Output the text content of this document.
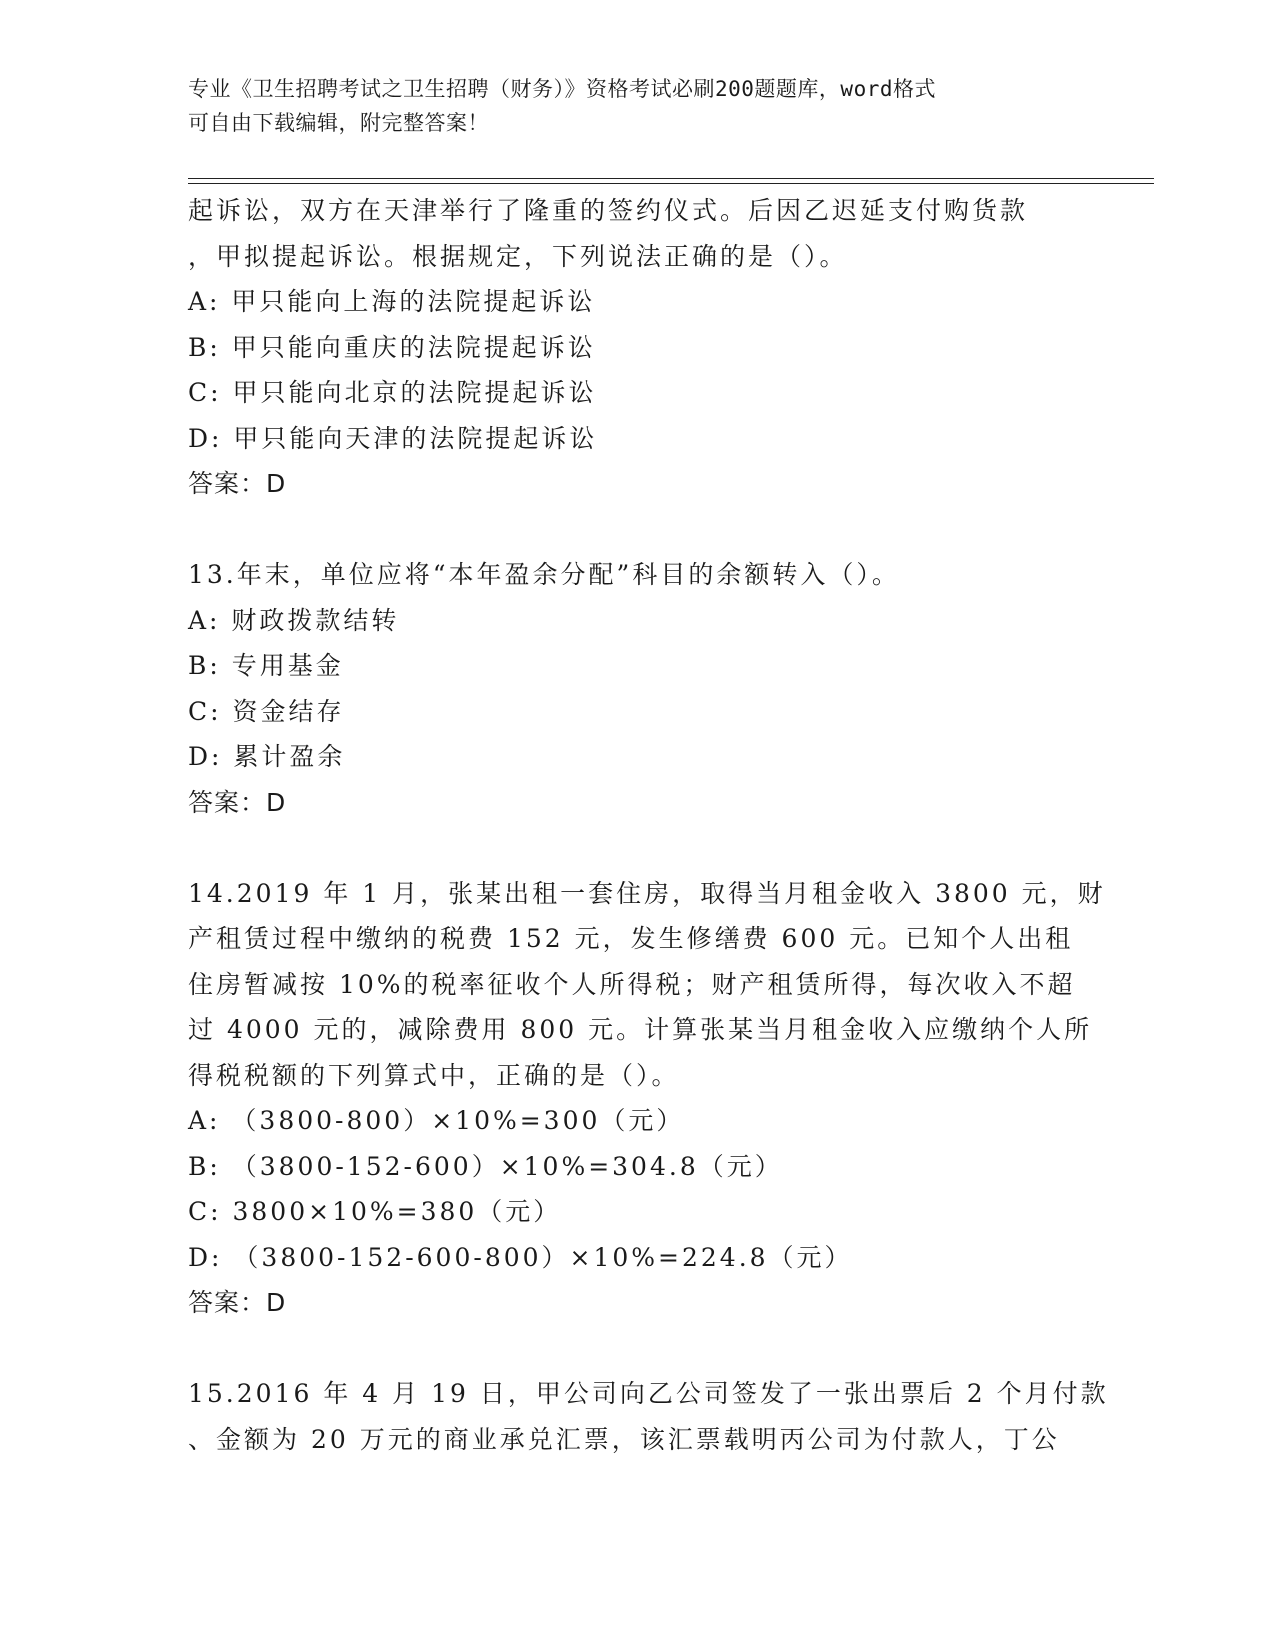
专业《卫生招聘考试之卫生招聘（财务）》资格考试必刷200题题库，word格式
可自由下载编辑，附完整答案！
起诉讼，双方在天津举行了隆重的签约仪式。后因乙迟延支付购货款
，甲拟提起诉讼。根据规定，下列说法正确的是（）。
A: 甲只能向上海的法院提起诉讼
B: 甲只能向重庆的法院提起诉讼
C: 甲只能向北京的法院提起诉讼
D: 甲只能向天津的法院提起诉讼
答案：D
13.年末，单位应将“本年盈余分配”科目的余额转入（）。
A: 财政拨款结转
B: 专用基金
C: 资金结存
D: 累计盈余
答案：D
14.2019 年 1 月，张某出租一套住房，取得当月租金收入 3800 元，财
产租赁过程中缴纳的税费 152 元，发生修缮费 600 元。已知个人出租
住房暂减按 10%的税率征收个人所得税；财产租赁所得，每次收入不超
过 4000 元的，减除费用 800 元。计算张某当月租金收入应缴纳个人所
得税税额的下列算式中，正确的是（）。
A: （3800-800）×10%=300（元）
B: （3800-152-600）×10%=304.8（元）
C: 3800×10%=380（元）
D: （3800-152-600-800）×10%=224.8（元）
答案：D
15.2016 年 4 月 19 日，甲公司向乙公司签发了一张出票后 2 个月付款
、金额为 20 万元的商业承兑汇票，该汇票载明丙公司为付款人，丁公
